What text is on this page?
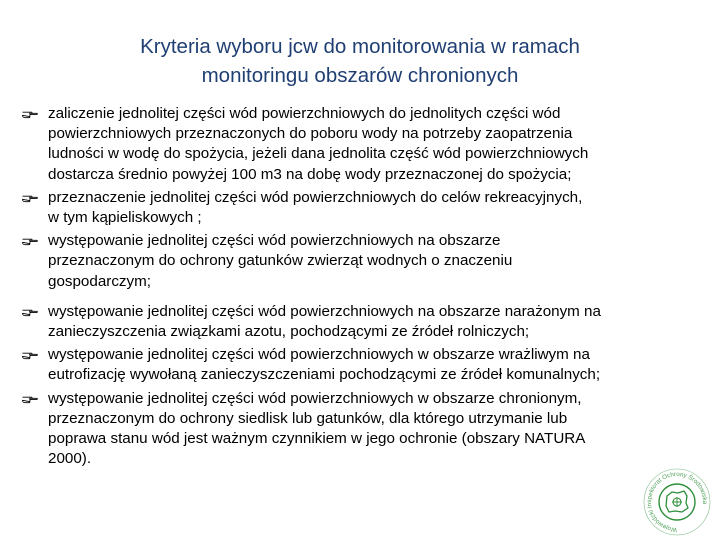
Kryteria wyboru jcw do monitorowania w ramach
monitoringu obszarów chronionych
zaliczenie jednolitej części wód powierzchniowych do jednolitych części wód
powierzchniowych przeznaczonych do poboru wody na potrzeby zaopatrzenia
ludności w wodę do spożycia, jeżeli dana jednolita część wód powierzchniowych
dostarcza średnio powyżej 100 m3 na dobę wody przeznaczonej do spożycia;
przeznaczenie jednolitej części wód powierzchniowych do celów rekreacyjnych,
w tym kąpieliskowych ;
występowanie jednolitej części wód powierzchniowych na obszarze
przeznaczonym do ochrony gatunków zwierząt wodnych o znaczeniu
gospodarczym;
występowanie jednolitej części wód powierzchniowych na obszarze narażonym na
zanieczyszczenia związkami azotu, pochodzącymi ze źródeł rolniczych;
występowanie jednolitej części wód powierzchniowych w obszarze wrażliwym na
eutrofizację wywołaną zanieczyszczeniami pochodzącymi ze źródeł komunalnych;
występowanie jednolitej części wód powierzchniowych w obszarze chronionym,
przeznaczonym do ochrony siedlisk lub gatunków, dla którego utrzymanie lub
poprawa stanu wód jest ważnym czynnikiem w jego ochronie (obszary NATURA
2000).
Wojewódzki Inspektorat Ochrony Środowiska
